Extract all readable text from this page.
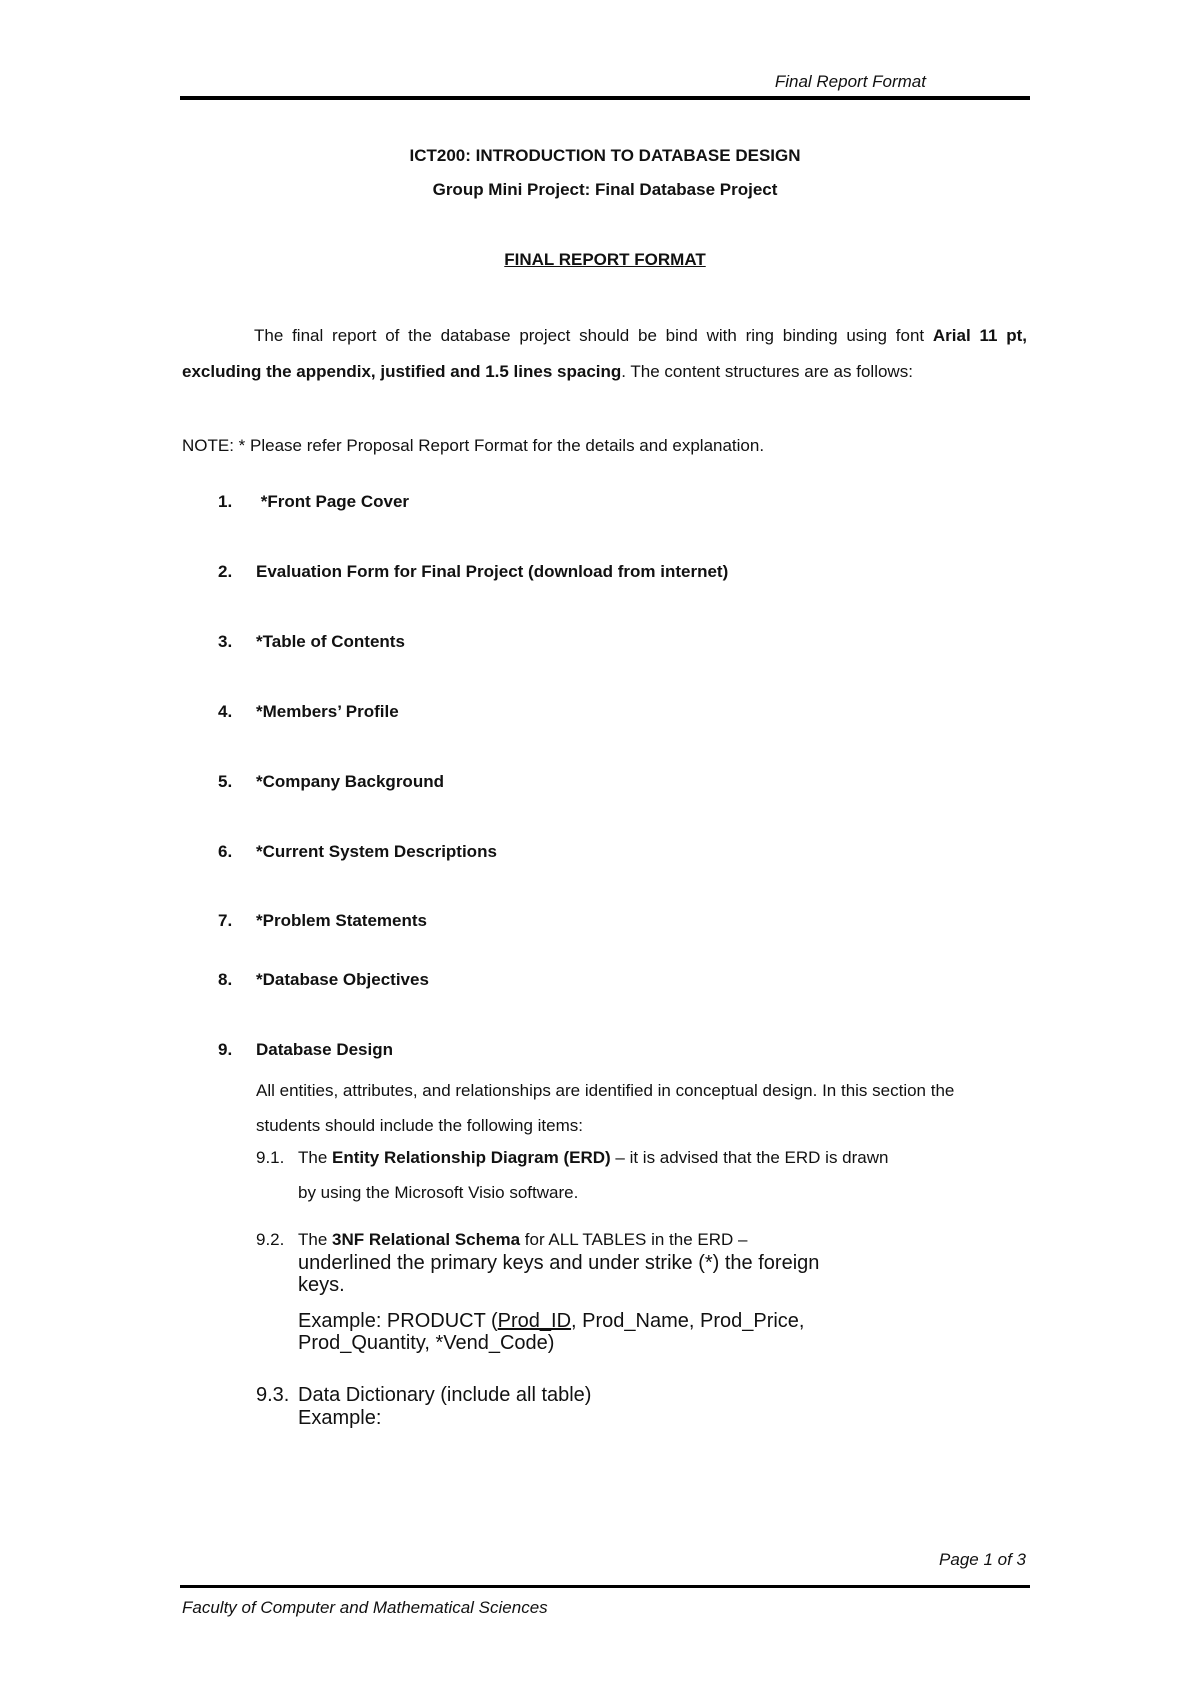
Final Report Format
ICT200: INTRODUCTION TO DATABASE DESIGN
Group Mini Project: Final Database Project
FINAL REPORT FORMAT

The final report of the database project should be bind with ring binding using font Arial 11 pt, excluding the appendix, justified and 1.5 lines spacing. The content structures are as follows:

NOTE: * Please refer Proposal Report Format for the details and explanation.

1. *Front Page Cover
2. Evaluation Form for Final Project (download from internet)
3. *Table of Contents
4. *Members’ Profile
5. *Company Background
6. *Current System Descriptions
7. *Problem Statements
8. *Database Objectives
9. Database Design

All entities, attributes, and relationships are identified in conceptual design. In this section the students should include the following items:

9.1. The Entity Relationship Diagram (ERD) – it is advised that the ERD is drawn
by using the Microsoft Visio software.
9.2. The 3NF Relational Schema for ALL TABLES in the ERD –

underlined the primary keys and under strike (*) the foreign

keys.

Example: PRODUCT (Prod_ID, Prod_Name, Prod_Price,

Prod_Quantity, *Vend_Code)

9.3. Data Dictionary (include all table)

Example:

Page 1 of 3
Faculty of Computer and Mathematical Sciences
